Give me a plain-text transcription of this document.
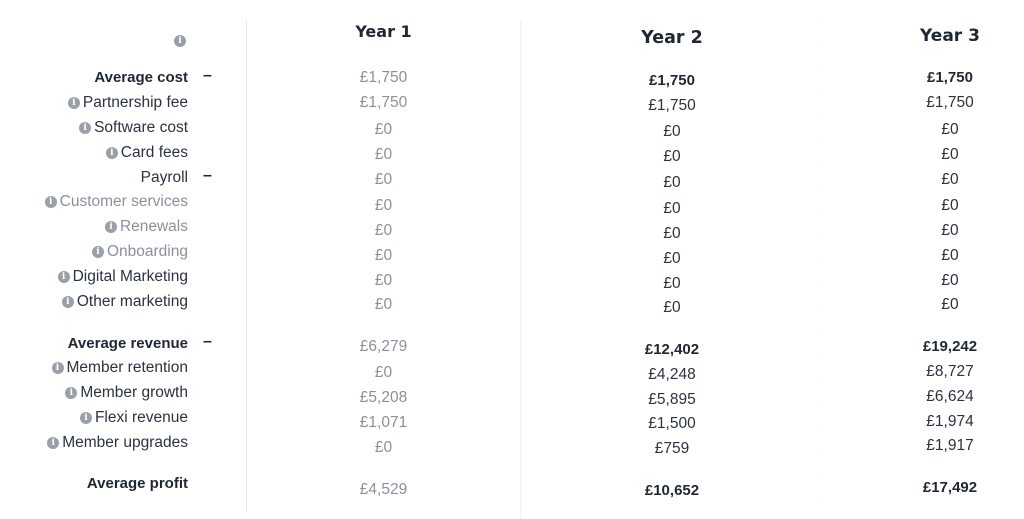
i
Average cost –
i Partnership fee
i Software cost
i Card fees
Payroll –
i Customer services
i Renewals
i Onboarding
i Digital Marketing
i Other marketing
Average revenue –
i Member retention
i Member growth
i Flexi revenue
i Member upgrades
Average profit
Year 1
£1,750
£1,750
£0
£0
£0
£0
£0
£0
£0
£0
£6,279
£0
£5,208
£1,071
£0
£4,529
Year 2
£1,750
£1,750
£0
£0
£0
£0
£0
£0
£0
£0
£12,402
£4,248
£5,895
£1,500
£759
£10,652
Year 3
£1,750
£1,750
£0
£0
£0
£0
£0
£0
£0
£0
£19,242
£8,727
£6,624
£1,974
£1,917
£17,492
